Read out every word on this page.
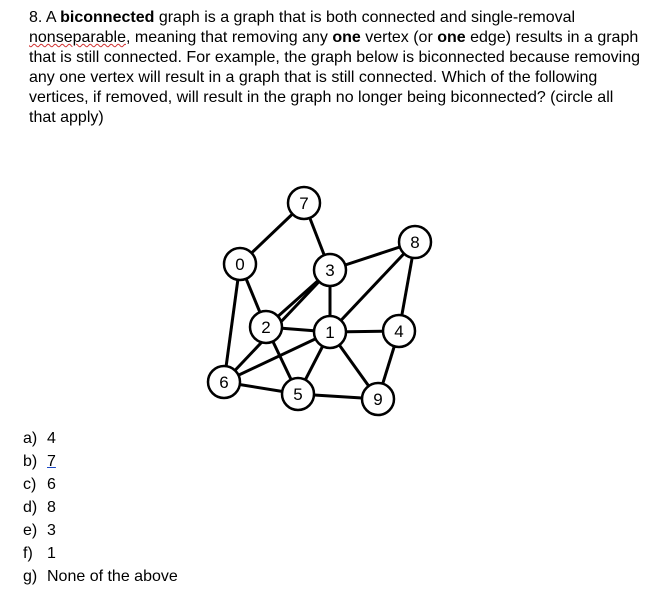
8. A biconnected graph is a graph that is both connected and single-removal nonseparable, meaning that removing any one vertex (or one edge) results in a graph that is still connected. For example, the graph below is biconnected because removing any one vertex will result in a graph that is still connected. Which of the following vertices, if removed, will result in the graph no longer being biconnected? (circle all that apply)
7
8
0	3
2	1	4
6
5	9
a) 4
b) 7
c) 6
d) 8
e) 3
f) 1
g) None of the above
